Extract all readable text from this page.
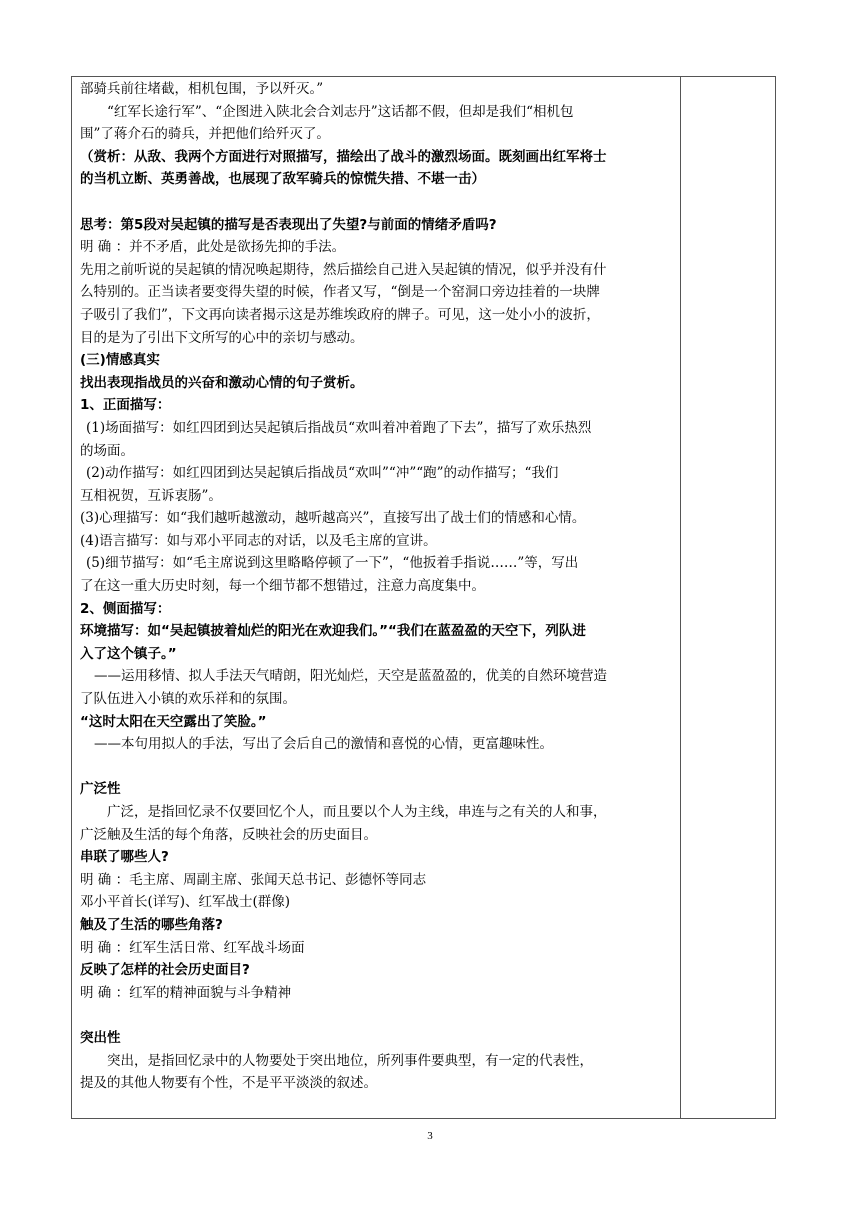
部骑兵前往堵截，相机包围，予以歼灭。”
“红军长途行军”、“企图进入陕北会合刘志丹”这话都不假，但却是我们“相机包
围”了蒋介石的骑兵，并把他们给歼灭了。
（赏析：从敌、我两个方面进行对照描写，描绘出了战斗的激烈场面。既刻画出红军将士
的当机立断、英勇善战，也展现了敌军骑兵的惊慌失措、不堪一击）
思考：第5段对吴起镇的描写是否表现出了失望?与前面的情绪矛盾吗?
明 确 ：并不矛盾，此处是欲扬先抑的手法。
先用之前听说的吴起镇的情况唤起期待，然后描绘自己进入吴起镇的情况，似乎并没有什
么特别的。正当读者要变得失望的时候，作者又写，“倒是一个窑洞口旁边挂着的一块牌
子吸引了我们”，下文再向读者揭示这是苏维埃政府的牌子。可见，这一处小小的波折，
目的是为了引出下文所写的心中的亲切与感动。
(三)情感真实
找出表现指战员的兴奋和激动心情的句子赏析。
1、正面描写：
(1)场面描写：如红四团到达吴起镇后指战员“欢叫着冲着跑了下去”，描写了欢乐热烈
的场面。
(2)动作描写：如红四团到达吴起镇后指战员“欢叫”“冲”“跑”的动作描写；“我们
互相祝贺，互诉衷肠”。
(3)心理描写：如“我们越听越激动，越听越高兴”，直接写出了战士们的情感和心情。
(4)语言描写：如与邓小平同志的对话，以及毛主席的宣讲。
(5)细节描写：如“毛主席说到这里略略停顿了一下”，“他扳着手指说……”等，写出
了在这一重大历史时刻，每一个细节都不想错过，注意力高度集中。
2、侧面描写：
环境描写：如“吴起镇披着灿烂的阳光在欢迎我们。”“我们在蓝盈盈的天空下，列队进
入了这个镇子。”
——运用移情、拟人手法天气晴朗，阳光灿烂，天空是蓝盈盈的，优美的自然环境营造
了队伍进入小镇的欢乐祥和的氛围。
“这时太阳在天空露出了笑脸。”
——本句用拟人的手法，写出了会后自己的激情和喜悦的心情，更富趣味性。
广泛性
广泛，是指回忆录不仅要回忆个人，而且要以个人为主线，串连与之有关的人和事，
广泛触及生活的每个角落，反映社会的历史面目。
串联了哪些人?
明 确 ：毛主席、周副主席、张闻天总书记、彭德怀等同志
邓小平首长(详写)、红军战士(群像)
触及了生活的哪些角落?
明 确 ：红军生活日常、红军战斗场面
反映了怎样的社会历史面目?
明 确 ：红军的精神面貌与斗争精神
突出性
突出，是指回忆录中的人物要处于突出地位，所列事件要典型，有一定的代表性，
提及的其他人物要有个性，不是平平淡淡的叙述。
3
